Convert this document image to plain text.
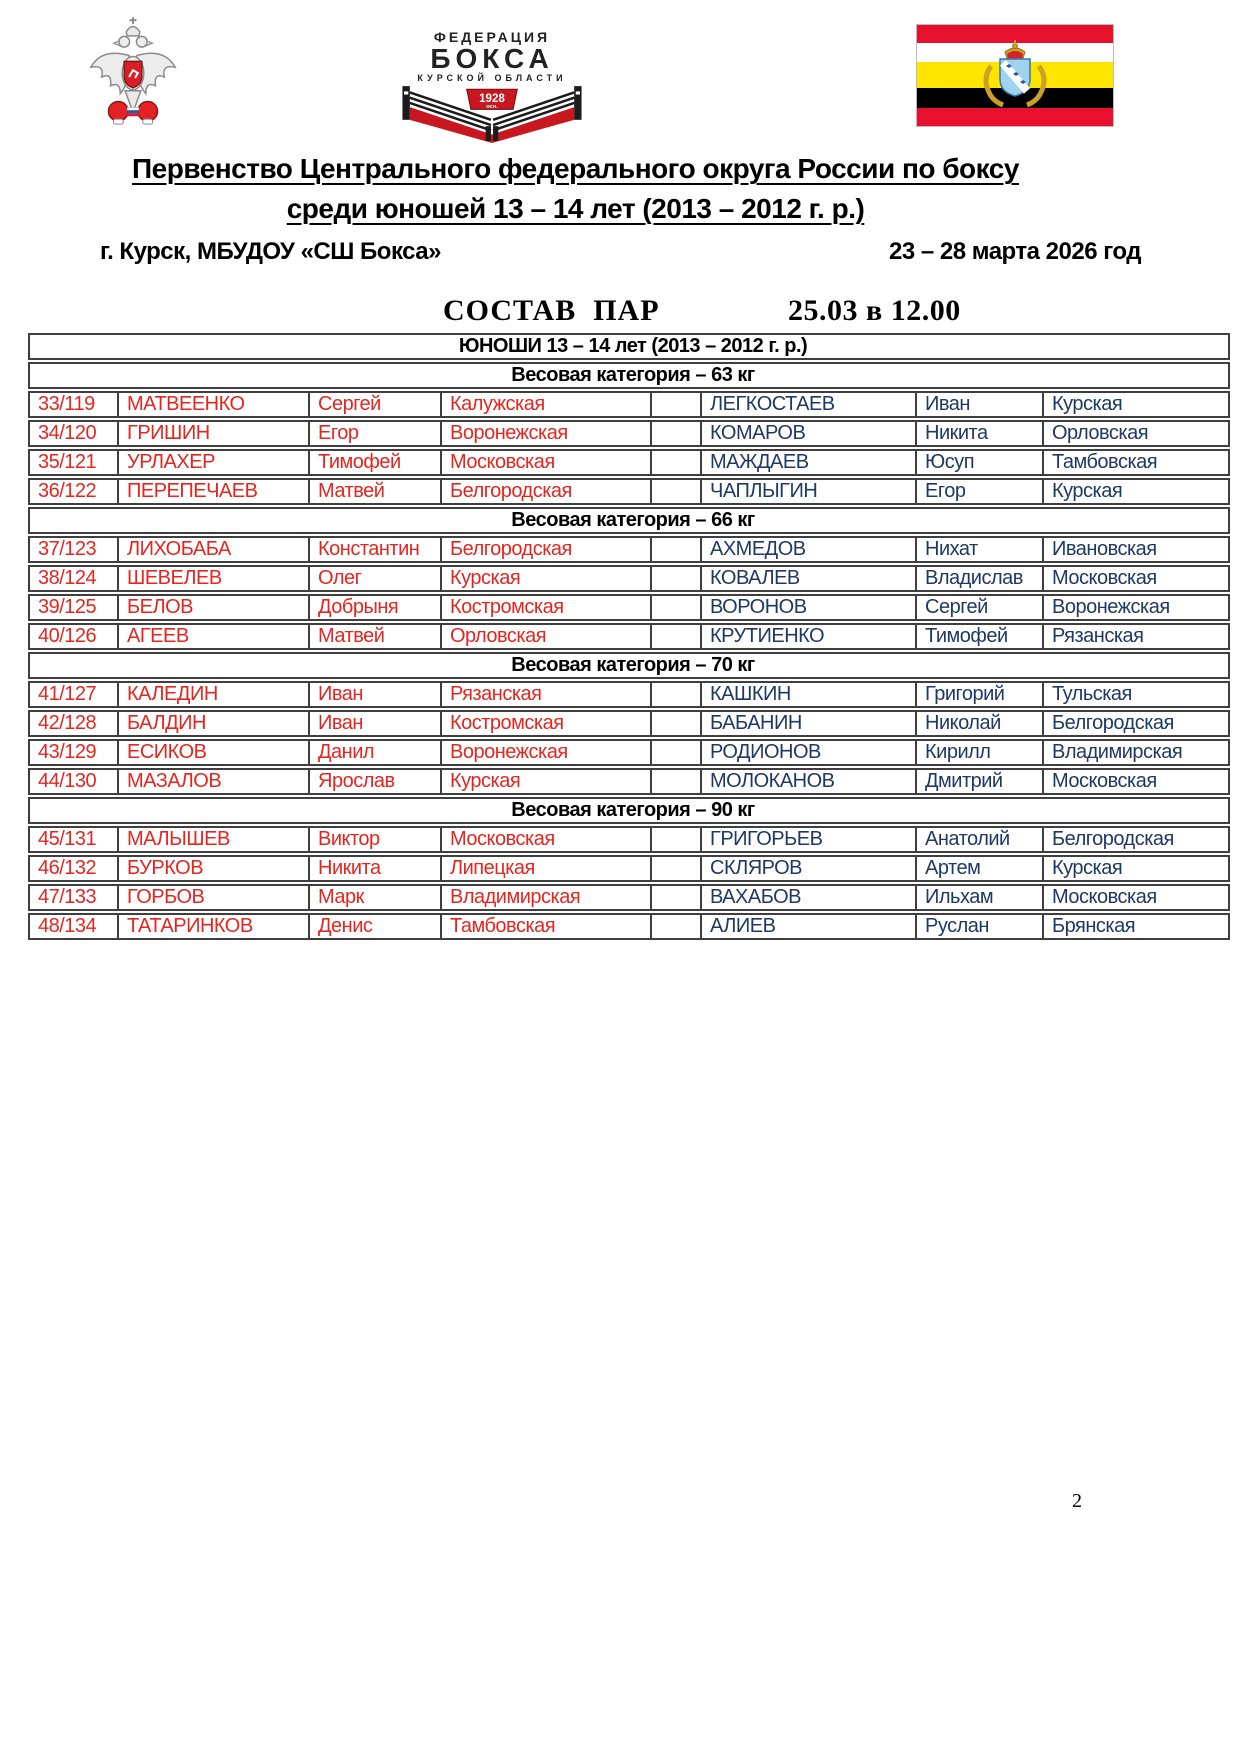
ФЕДЕРАЦИЯ
БОКСА
КУРСКОЙ ОБЛАСТИ
1928
осн.
Первенство Центрального федерального округа России по боксу
среди юношей 13 – 14 лет (2013 – 2012 г. р.)
г. Курск, МБУДОУ «СШ Бокса»	23 – 28 марта 2026 год
СОСТАВ  ПАР	25.03 в 12.00
ЮНОШИ 13 – 14 лет (2013 – 2012 г. р.)							
Весовая категория – 63 кг							
33/119	МАТВЕЕНКО	Сергей	Калужская		ЛЕГКОСТАЕВ	Иван	Курская
34/120	ГРИШИН	Егор	Воронежская		КОМАРОВ	Никита	Орловская
35/121	УРЛАХЕР	Тимофей	Московская		МАЖДАЕВ	Юсуп	Тамбовская
36/122	ПЕРЕПЕЧАЕВ	Матвей	Белгородская		ЧАПЛЫГИН	Егор	Курская
Весовая категория – 66 кг							
37/123	ЛИХОБАБА	Константин	Белгородская		АХМЕДОВ	Нихат	Ивановская
38/124	ШЕВЕЛЕВ	Олег	Курская		КОВАЛЕВ	Владислав	Московская
39/125	БЕЛОВ	Добрыня	Костромская		ВОРОНОВ	Сергей	Воронежская
40/126	АГЕЕВ	Матвей	Орловская		КРУТИЕНКО	Тимофей	Рязанская
Весовая категория – 70 кг							
41/127	КАЛЕДИН	Иван	Рязанская		КАШКИН	Григорий	Тульская
42/128	БАЛДИН	Иван	Костромская		БАБАНИН	Николай	Белгородская
43/129	ЕСИКОВ	Данил	Воронежская		РОДИОНОВ	Кирилл	Владимирская
44/130	МАЗАЛОВ	Ярослав	Курская		МОЛОКАНОВ	Дмитрий	Московская
Весовая категория – 90 кг							
45/131	МАЛЫШЕВ	Виктор	Московская		ГРИГОРЬЕВ	Анатолий	Белгородская
46/132	БУРКОВ	Никита	Липецкая		СКЛЯРОВ	Артем	Курская
47/133	ГОРБОВ	Марк	Владимирская		ВАХАБОВ	Ильхам	Московская
48/134	ТАТАРИНКОВ	Денис	Тамбовская		АЛИЕВ	Руслан	Брянская
2
